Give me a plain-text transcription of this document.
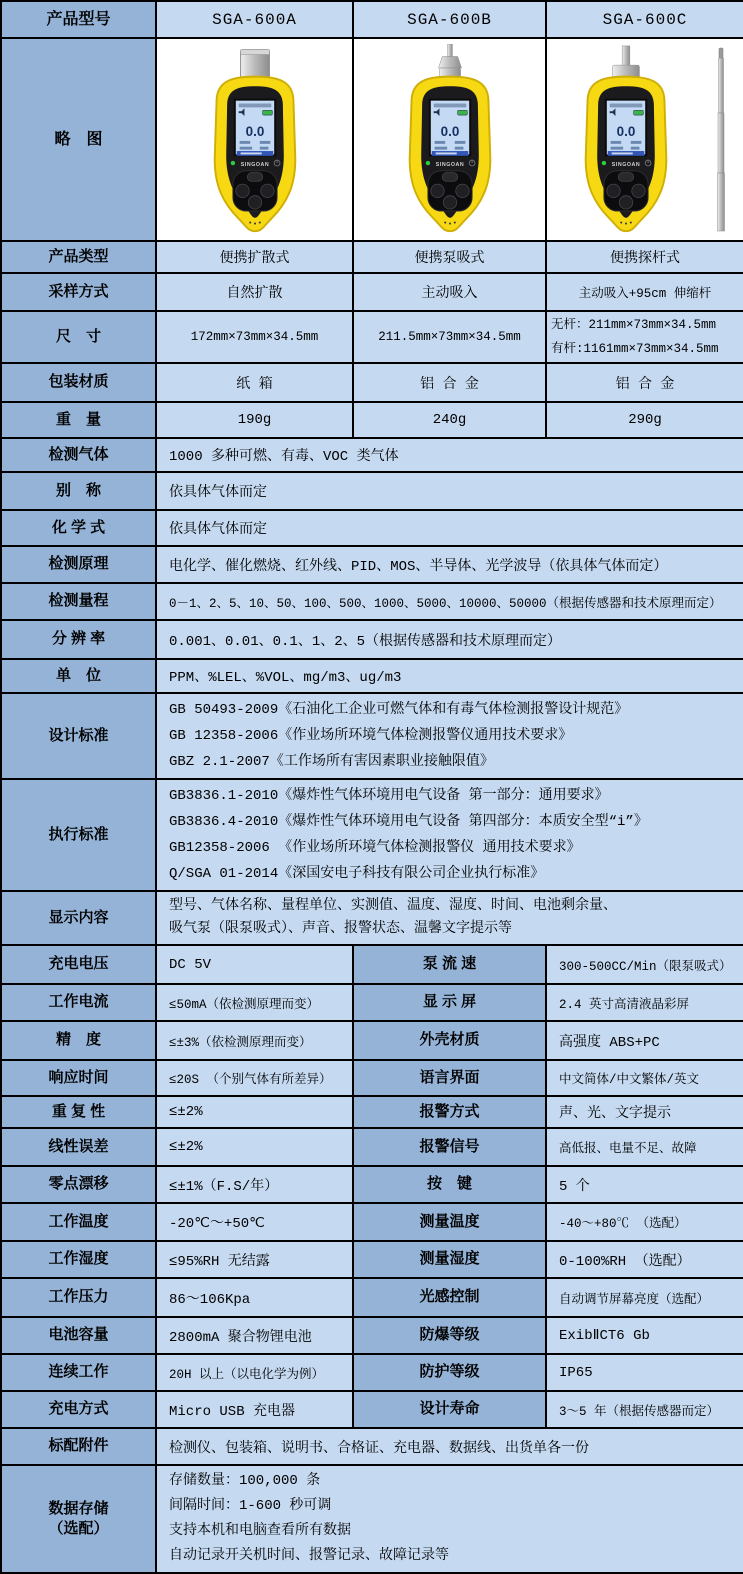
产品型号	SGA-600A	SGA-600B	SGA-600C
略　图	0.0
SINGOAN	0.0
SINGOAN	0.0
SINGOAN

产品类型	便携扩散式	便携泵吸式	便携探杆式
采样方式	自然扩散	主动吸入	主动吸入+95cm 伸缩杆
尺　寸	172mm×73mm×34.5mm	211.5mm×73mm×34.5mm	无杆：211mm×73mm×34.5mm
有杆:1161mm×73mm×34.5mm

包装材质	纸 箱	铝 合 金	铝 合 金
重　量	190g	240g	290g
检测气体	1000 多种可燃、有毒、VOC 类气体		
别　称	依具体气体而定		
化 学 式	依具体气体而定		
检测原理	电化学、催化燃烧、红外线、PID、MOS、半导体、光学波导（依具体气体而定）		
检测量程	0－1、2、5、10、50、100、500、1000、5000、10000、50000（根据传感器和技术原理而定）		
分 辨 率	0.001、0.01、0.1、1、2、5（根据传感器和技术原理而定）		
单　位	PPM、%LEL、%VOL、mg/m3、ug/m3		
设计标准	GB 50493-2009《石油化工企业可燃气体和有毒气体检测报警设计规范》
GB 12358-2006《作业场所环境气体检测报警仪通用技术要求》
GBZ 2.1-2007《工作场所有害因素职业接触限值》		

执行标准	GB3836.1-2010《爆炸性气体环境用电气设备 第一部分：通用要求》
GB3836.4-2010《爆炸性气体环境用电气设备 第四部分：本质安全型“i”》
GB12358-2006 《作业场所环境气体检测报警仪 通用技术要求》
Q/SGA 01-2014《深国安电子科技有限公司企业执行标准》		

显示内容	型号、气体名称、量程单位、实测值、温度、湿度、时间、电池剩余量、
吸气泵（限泵吸式）、声音、报警状态、温馨文字提示等		

充电电压	DC 5V	泵 流 速	300-500CC/Min（限泵吸式）
工作电流	≤50mA（依检测原理而变）	显 示 屏	2.4 英寸高清液晶彩屏
精　度	≤±3%（依检测原理而变）	外壳材质	高强度 ABS+PC
响应时间	≤20S （个别气体有所差异）	语言界面	中文简体/中文繁体/英文
重 复 性	≤±2%	报警方式	声、光、文字提示
线性误差	≤±2%	报警信号	高低报、电量不足、故障
零点漂移	≤±1%（F.S/年）	按　键	5 个
工作温度	-20℃～+50℃	测量温度	-40～+80℃ （选配）
工作湿度	≤95%RH 无结露	测量湿度	0-100%RH （选配）
工作压力	86～106Kpa	光感控制	自动调节屏幕亮度（选配）
电池容量	2800mA 聚合物锂电池	防爆等级	ExibⅡCT6 Gb
连续工作	20H 以上（以电化学为例）	防护等级	IP65
充电方式	Micro USB 充电器	设计寿命	3～5 年（根据传感器而定）
标配附件	检测仪、包装箱、说明书、合格证、充电器、数据线、出货单各一份		

数据存储
（选配）

存储数量：100,000 条
间隔时间：1-600 秒可调
支持本机和电脑查看所有数据
自动记录开关机时间、报警记录、故障记录等
